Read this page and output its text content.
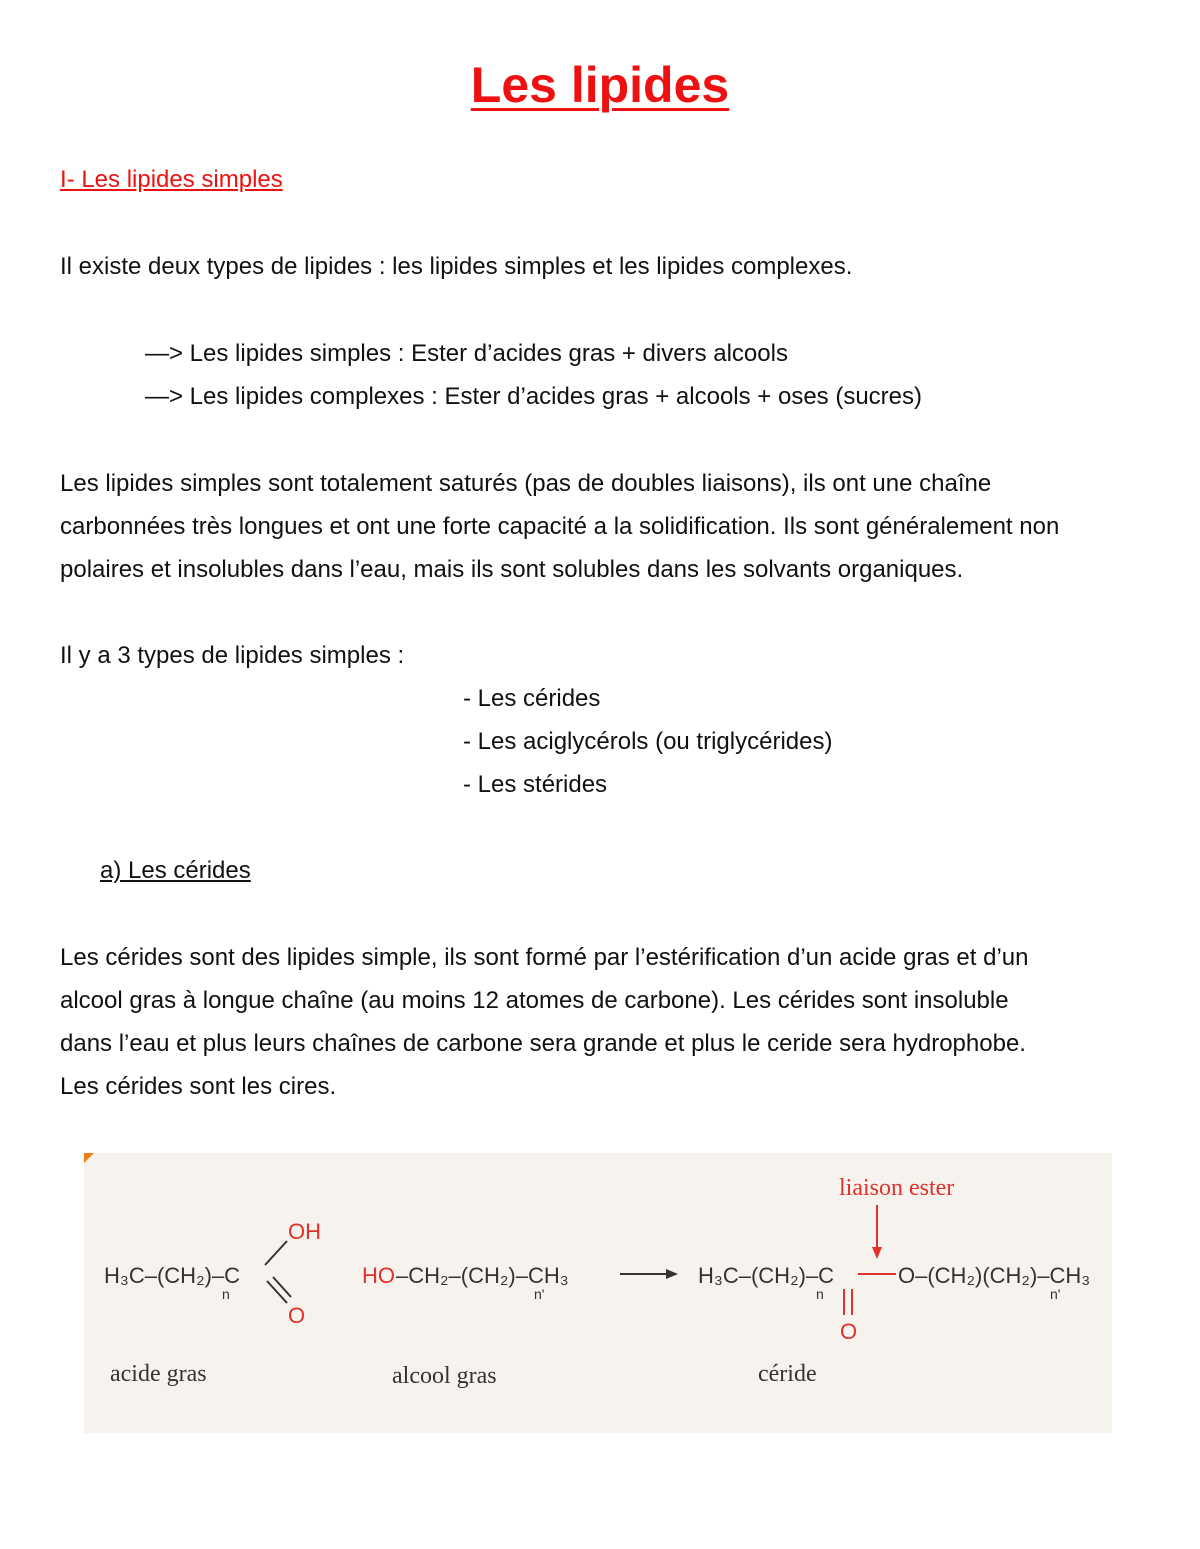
Les lipides

I- Les lipides simples

Il existe deux types de lipides : les lipides simples et les lipides complexes.

—> Les lipides simples : Ester d’acides gras + divers alcools

—> Les lipides complexes : Ester d’acides gras + alcools + oses (sucres)

Les lipides simples sont totalement saturés (pas de doubles liaisons), ils ont une chaîne
carbonnées très longues et ont une forte capacité a la solidification. Ils sont généralement non
polaires et insolubles dans l’eau, mais ils sont solubles dans les solvants organiques.

Il y a 3 types de lipides simples :

- Les cérides

- Les aciglycérols (ou triglycérides)

- Les stérides

a) Les cérides

Les cérides sont des lipides simple, ils sont formé par l’estérification d’un acide gras et d’un
alcool gras à longue chaîne (au moins 12 atomes de carbone). Les cérides sont insoluble
dans l’eau et plus leurs chaînes de carbone sera grande et plus le ceride sera hydrophobe.
Les cérides sont les cires.
H₃C–(CH₂)–C
n
OH
O
HO –CH₂–(CH₂)–CH₃
n'
liaison ester
H₃C–(CH₂)–C
n
O–(CH₂)(CH₂)–CH₃
n'
O
acide gras	alcool gras	céride
